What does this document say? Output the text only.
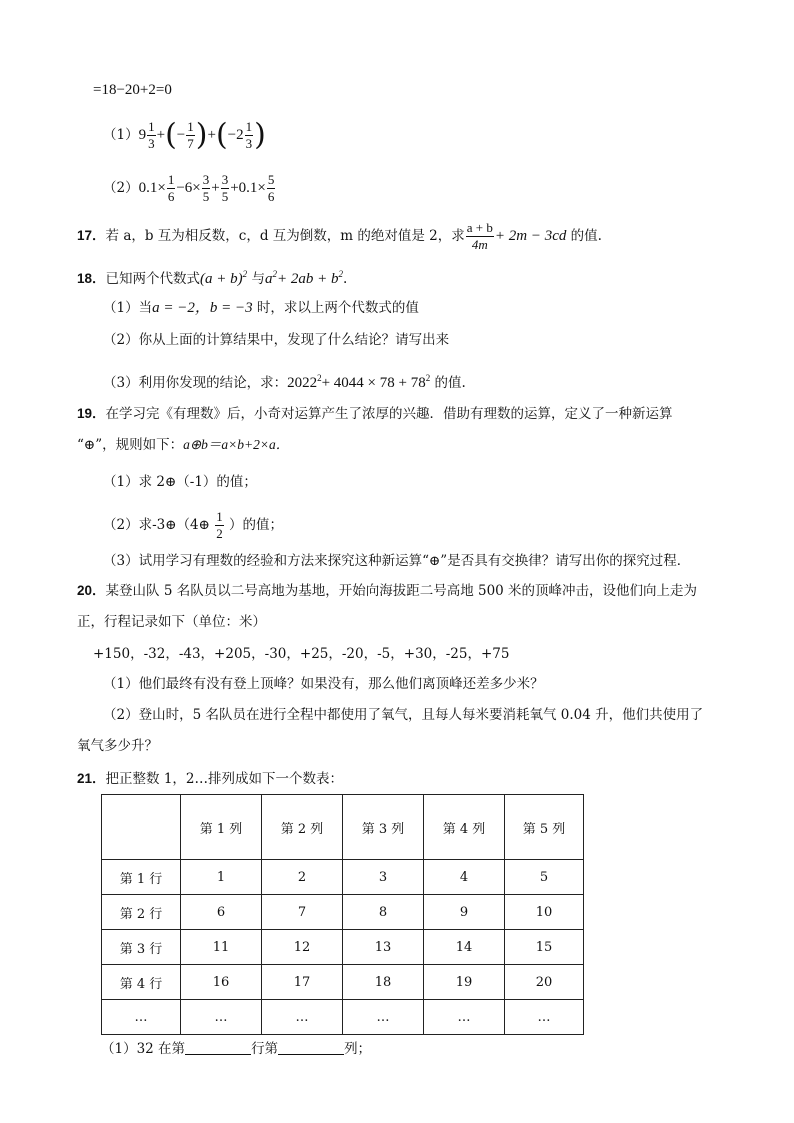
=18−20+2=0
$(1)9 \frac{1}{3}$ +(− $\frac{1}{7} )+(-2 \frac{1}{3}$ )
$(2)0.1\times \frac{1}{6} -6\times \frac{3}{5} + \frac{3}{5} +0.1\times \frac{5}{6}$
17．若 a，b 互为相反数，c，d 互为倒数，m 的绝对值是 2，求 $\frac{a + b}{4m} + 2m - 3cd$ 的值.
18．已知两个代数式$(a + b)^2$ 与$a^2+ 2ab + b^2$.
（1）当a = −2，b = −3 时，求以上两个代数式的值
（2）你从上面的计算结果中，发现了什么结论？请写出来
（3）利用你发现的结论，求：$2022^2+ 4044 \times 78 + 78^2$ 的值.
19．在学习完《有理数》后，小奇对运算产生了浓厚的兴趣．借助有理数的运算，定义了一种新运算
“⊕”，规则如下：a⊕b＝a×b+2×a．
（1）求 2⊕（-1）的值；
（2）求-3⊕（4⊕ $\frac{1}{2}$ ）的值；
（3）试用学习有理数的经验和方法来探究这种新运算“⊕”是否具有交换律？请写出你的探究过程．
20．某登山队 5 名队员以二号高地为基地，开始向海拔距二号高地 500 米的顶峰冲击，设他们向上走为
正，行程记录如下（单位：米）
+150，-32，-43，+205，-30，+25，-20，-5，+30，-25，+75
（1）他们最终有没有登上顶峰？如果没有，那么他们离顶峰还差多少米？
（2）登山时，5 名队员在进行全程中都使用了氧气，且每人每米要消耗氧气 0.04 升，他们共使用了
氧气多少升？
21．把正整数 1，2…排列成如下一个数表：
	第 1 列	第 2 列	第 3 列	第 4 列	第 5 列
第 1 行	1	2	3	4	5
第 2 行	6	7	8	9	10
第 3 行	11	12	13	14	15
第 4 行	16	17	18	19	20
…	…	…	…	…	…
（1）32 在第	行第	列；
